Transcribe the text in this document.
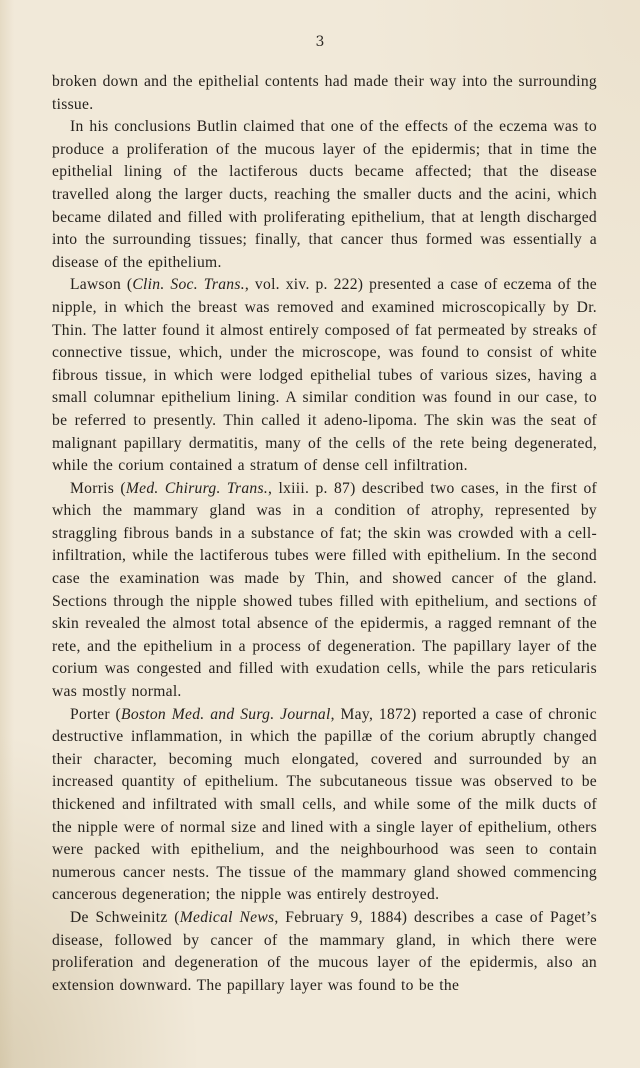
3

broken down and the epithelial contents had made their way into the surrounding tissue.

In his conclusions Butlin claimed that one of the effects of the eczema was to produce a proliferation of the mucous layer of the epidermis; that in time the epithelial lining of the lactiferous ducts became affected; that the disease travelled along the larger ducts, reaching the smaller ducts and the acini, which became dilated and filled with proliferating epithelium, that at length discharged into the surrounding tissues; finally, that cancer thus formed was essentially a disease of the epithelium.

Lawson (Clin. Soc. Trans., vol. xiv. p. 222) presented a case of eczema of the nipple, in which the breast was removed and examined microscopically by Dr. Thin. The latter found it almost entirely composed of fat permeated by streaks of connective tissue, which, under the microscope, was found to consist of white fibrous tissue, in which were lodged epithelial tubes of various sizes, having a small columnar epithelium lining. A similar condition was found in our case, to be referred to presently. Thin called it adeno-lipoma. The skin was the seat of malignant papillary dermatitis, many of the cells of the rete being degenerated, while the corium contained a stratum of dense cell infiltration.

Morris (Med. Chirurg. Trans., lxiii. p. 87) described two cases, in the first of which the mammary gland was in a condition of atrophy, represented by straggling fibrous bands in a substance of fat; the skin was crowded with a cell-infiltration, while the lactiferous tubes were filled with epithelium. In the second case the examination was made by Thin, and showed cancer of the gland. Sections through the nipple showed tubes filled with epithelium, and sections of skin revealed the almost total absence of the epidermis, a ragged remnant of the rete, and the epithelium in a process of degeneration. The papillary layer of the corium was congested and filled with exudation cells, while the pars reticularis was mostly normal.

Porter (Boston Med. and Surg. Journal, May, 1872) reported a case of chronic destructive inflammation, in which the papillæ of the corium abruptly changed their character, becoming much elongated, covered and surrounded by an increased quantity of epithelium. The subcutaneous tissue was observed to be thickened and infiltrated with small cells, and while some of the milk ducts of the nipple were of normal size and lined with a single layer of epithelium, others were packed with epithelium, and the neighbourhood was seen to contain numerous cancer nests. The tissue of the mammary gland showed commencing cancerous degeneration; the nipple was entirely destroyed.

De Schweinitz (Medical News, February 9, 1884) describes a case of Paget’s disease, followed by cancer of the mammary gland, in which there were proliferation and degeneration of the mucous layer of the epidermis, also an extension downward. The papillary layer was found to be the
